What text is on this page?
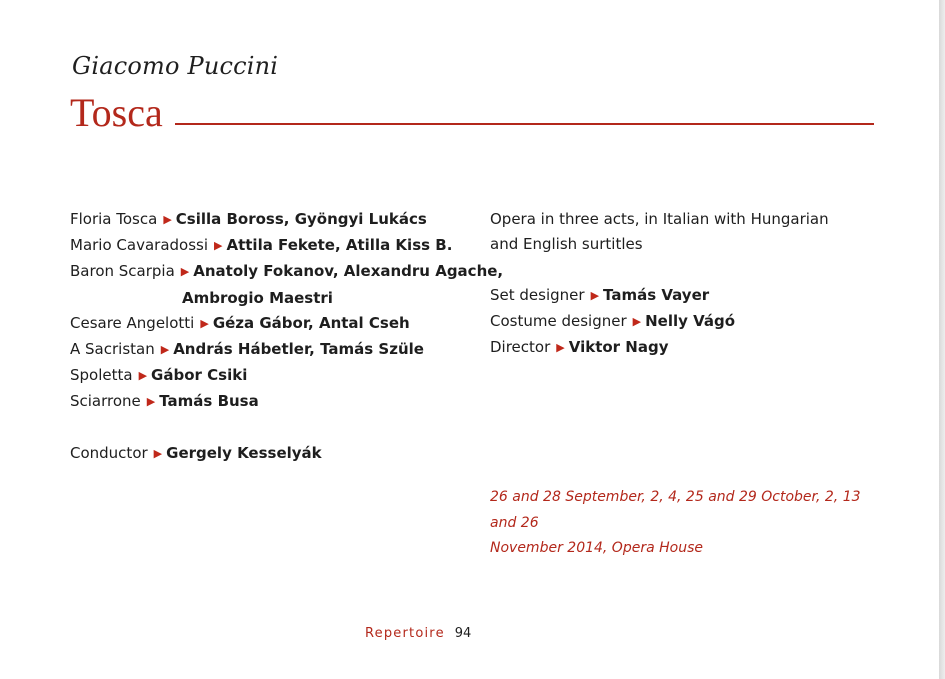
Giacomo Puccini
Tosca
Floria Tosca ▶ Csilla Boross, Gyöngyi Lukács
Mario Cavaradossi ▶ Attila Fekete, Atilla Kiss B.
Baron Scarpia ▶ Anatoly Fokanov, Alexandru Agache,
Ambrogio Maestri
Cesare Angelotti ▶ Géza Gábor, Antal Cseh
A Sacristan ▶ András Hábetler, Tamás Szüle
Spoletta ▶ Gábor Csiki
Sciarrone ▶ Tamás Busa
Conductor ▶ Gergely Kesselyák
Opera in three acts, in Italian with Hungarian
and English surtitles
Set designer ▶ Tamás Vayer
Costume designer ▶ Nelly Vágó
Director ▶ Viktor Nagy
26 and 28 September, 2, 4, 25 and 29 October, 2, 13 and 26
November 2014, Opera House
Repertoire 94
